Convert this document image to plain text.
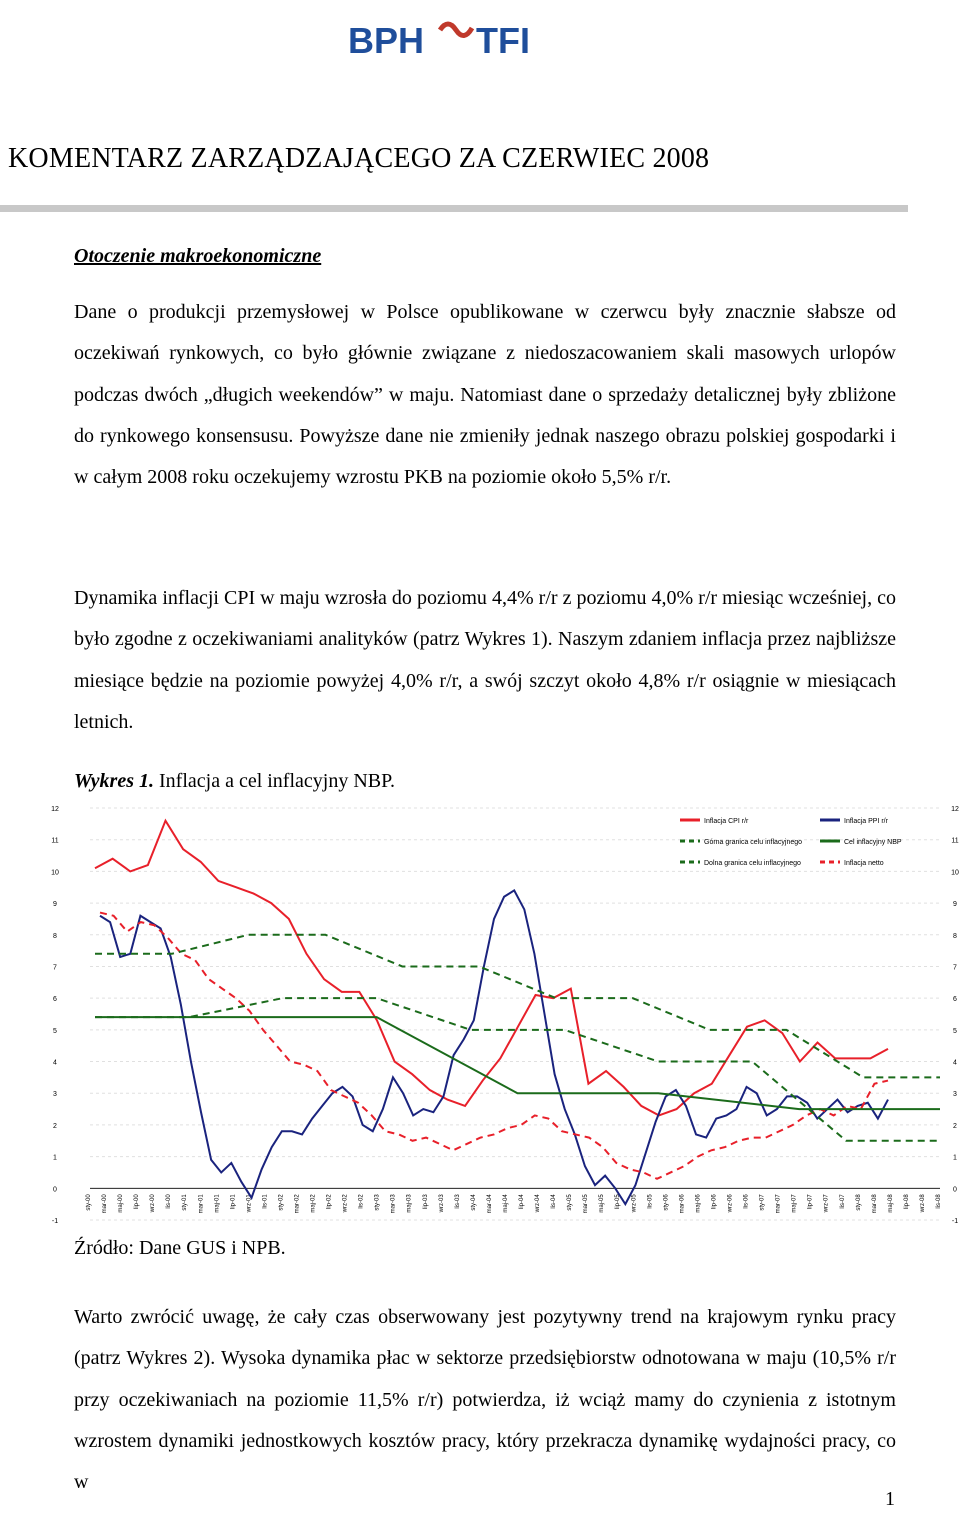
BPH TFI
KOMENTARZ ZARZĄDZAJĄCEGO ZA CZERWIEC 2008
Otoczenie makroekonomiczne
Dane o produkcji przemysłowej w Polsce opublikowane w czerwcu były znacznie słabsze od oczekiwań rynkowych, co było głównie związane z niedoszacowaniem skali masowych urlopów podczas dwóch „długich weekendów” w maju. Natomiast dane o sprzedaży detalicznej były zbliżone do rynkowego konsensusu. Powyższe dane nie zmieniły jednak naszego obrazu polskiej gospodarki i w całym 2008 roku oczekujemy wzrostu PKB na poziomie około 5,5% r/r.
Dynamika inflacji CPI w maju wzrosła do poziomu 4,4% r/r z poziomu 4,0% r/r miesiąc wcześniej, co było zgodne z oczekiwaniami analityków (patrz Wykres 1). Naszym zdaniem inflacja przez najbliższe miesiące będzie na poziomie powyżej 4,0% r/r, a swój szczyt około 4,8% r/r osiągnie w miesiącach letnich.
Wykres 1. Inflacja a cel inflacyjny NBP.
-1	-1
0	0
1	1
2	2
3	3
4	4
5	5
6	6
7	7
8	8
9	9
10	10
11	11
12	12
sty-00 mar-00 maj-00 lip-00 wrz-00 lis-00 sty-01 mar-01 maj-01 lip-01 wrz-01 lis-01 sty-02 mar-02 maj-02 lip-02 wrz-02 lis-02 sty-03 mar-03 maj-03 lip-03 wrz-03 lis-03 sty-04 mar-04 maj-04 lip-04 wrz-04 lis-04 sty-05 mar-05 maj-05 lip-05 wrz-05 lis-05 sty-06 mar-06 maj-06 lip-06 wrz-06 lis-06 sty-07 mar-07 maj-07 lip-07 wrz-07 lis-07 sty-08 mar-08 maj-08 lip-08 wrz-08 lis-08
Inflacja CPI r/r	Inflacja PPI r/r
Górna granica celu inflacyjnego	Cel inflacyjny NBP
Dolna granica celu inflacyjnego	Inflacja netto
Źródło: Dane GUS i NPB.
Warto zwrócić uwagę, że cały czas obserwowany jest pozytywny trend na krajowym rynku pracy (patrz Wykres 2). Wysoka dynamika płac w sektorze przedsiębiorstw odnotowana w maju (10,5% r/r przy oczekiwaniach na poziomie 11,5% r/r) potwierdza, iż wciąż mamy do czynienia z istotnym wzrostem dynamiki jednostkowych kosztów pracy, który przekracza dynamikę wydajności pracy, co w
1
